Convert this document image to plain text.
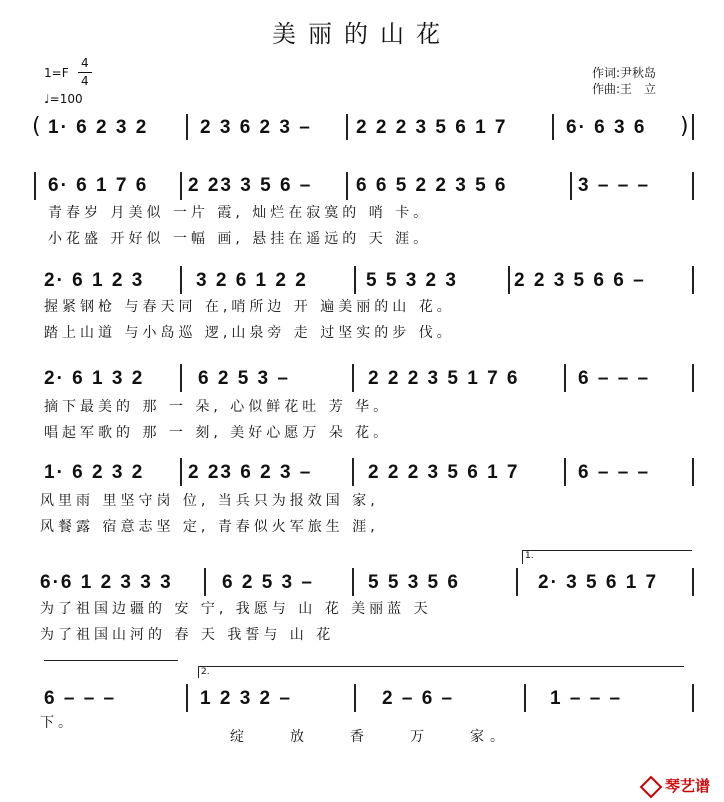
美丽的山花
1=F
4
4
♩=100
作词:尹秋岛
作曲:王　立
( 1· 6 2 3 2	2 3 6 2 3 – 2 2 2 3 5 6 1 7	6· 6 3 6 )
6· 6 1 7 6 2 23 3 5 6 – 6 6 5 2 2 3 5 6	3 – – –
青春岁 月美似 一片 霞, 灿烂在寂寞的 哨 卡。
小花盛 开好似 一幅 画, 悬挂在遥远的 天 涯。
2· 6 1 2 3	3 2 6 1 2 2	5 5 3 2 3	2 2 3 5 6 6 –
握紧钢枪 与春天同 在,哨所边 开 遍美丽的山 花。
踏上山道 与小岛巡 逻,山泉旁 走 过坚实的步 伐。
2· 6 1 3 2	6 2 5 3 –	2 2 2 3 5 1 7 6	6 – – –
摘下最美的 那 一 朵, 心似鲜花吐 芳 华。
唱起军歌的 那 一 刻, 美好心愿万 朵 花。
1· 6 2 3 2 2 23 6 2 3 –	2 2 2 3 5 6 1 7	6 – – –
风里雨 里坚守岗 位, 当兵只为报效国 家,
风餐露 宿意志坚 定, 青春似火军旅生 涯,
1.
6·6 1 2 3 3 3	6 2 5 3 –	5 5 3 5 6	2· 3 5 6 1 7
为了祖国边疆的 安 宁, 我愿与 山 花 美丽蓝 天
为了祖国山河的 春 天 我誓与 山 花
2.
6 – – –	1 2 3 2 –	2 – 6 –	1 – – –
下。
绽　　放　　香　　万　　家。
琴艺谱
